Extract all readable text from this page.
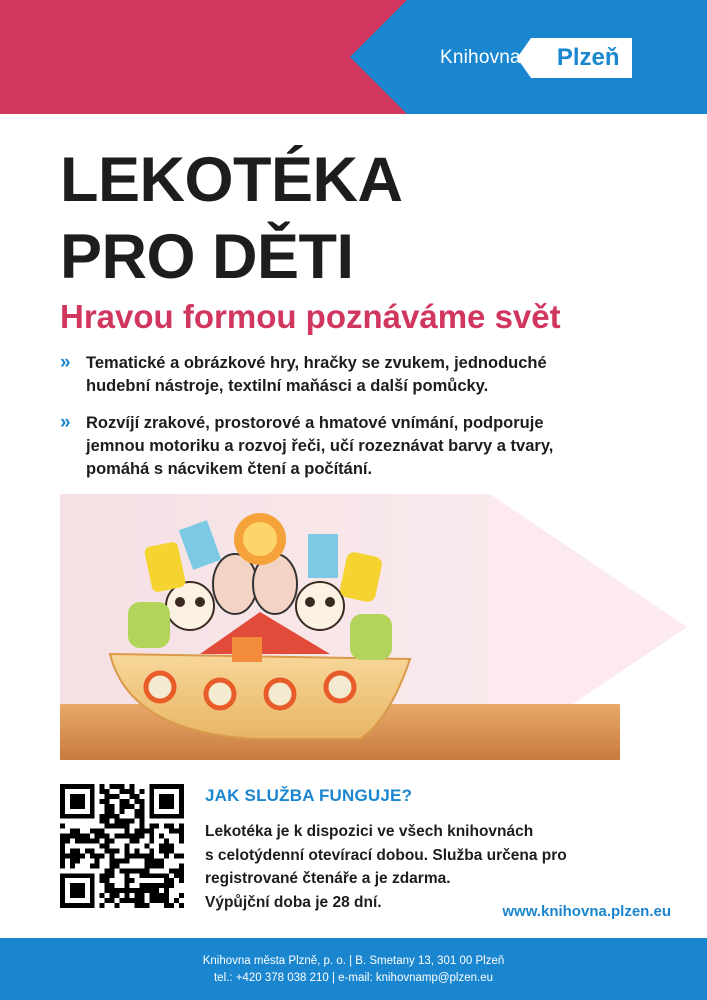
Knihovna Plzeň
LEKOTÉKA
PRO DĚTI
Hravou formou poznáváme svět
» Tematické a obrázkové hry, hračky se zvukem, jednoduché
hudební nástroje, textilní maňásci a další pomůcky.
» Rozvíjí zrakové, prostorové a hmatové vnímání, podporuje
jemnou motoriku a rozvoj řeči, učí rozeznávat barvy a tvary,
pomáhá s nácvikem čtení a počítání.
JAK SLUŽBA FUNGUJE?
Lekotéka je k dispozici ve všech knihovnách
s celotýdenní otevírací dobou. Služba určena pro
registrované čtenáře a je zdarma.
Výpůjční doba je 28 dní.
www.knihovna.plzen.eu
Knihovna města Plzně, p. o. | B. Smetany 13, 301 00 Plzeň
tel.: +420 378 038 210 | e-mail: knihovnamp@plzen.eu
